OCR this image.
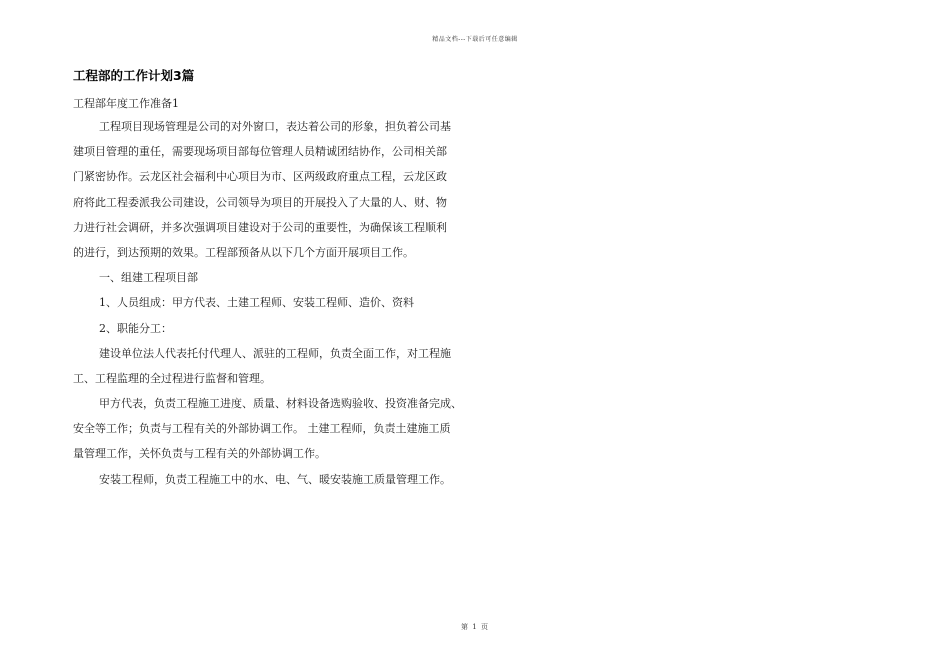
精品文档---下载后可任意编辑
工程部的工作计划3篇
工程部年度工作准备1
工程项目现场管理是公司的对外窗口，表达着公司的形象，担负着公司基
建项目管理的重任，需要现场项目部每位管理人员精诚团结协作，公司相关部
门紧密协作。云龙区社会福利中心项目为市、区两级政府重点工程，云龙区政
府将此工程委派我公司建设，公司领导为项目的开展投入了大量的人、财、物
力进行社会调研，并多次强调项目建设对于公司的重要性，为确保该工程顺利
的进行，到达预期的效果。工程部预备从以下几个方面开展项目工作。
一、组建工程项目部
1、人员组成：甲方代表、土建工程师、安装工程师、造价、资料
2、职能分工：
建设单位法人代表托付代理人、派驻的工程师，负责全面工作，对工程施
工、工程监理的全过程进行监督和管理。
甲方代表，负责工程施工进度、质量、材料设备选购验收、投资准备完成、
安全等工作；负责与工程有关的外部协调工作。 土建工程师，负责土建施工质
量管理工作，关怀负责与工程有关的外部协调工作。
安装工程师，负责工程施工中的水、电、气、暖安装施工质量管理工作。
第 1 页
